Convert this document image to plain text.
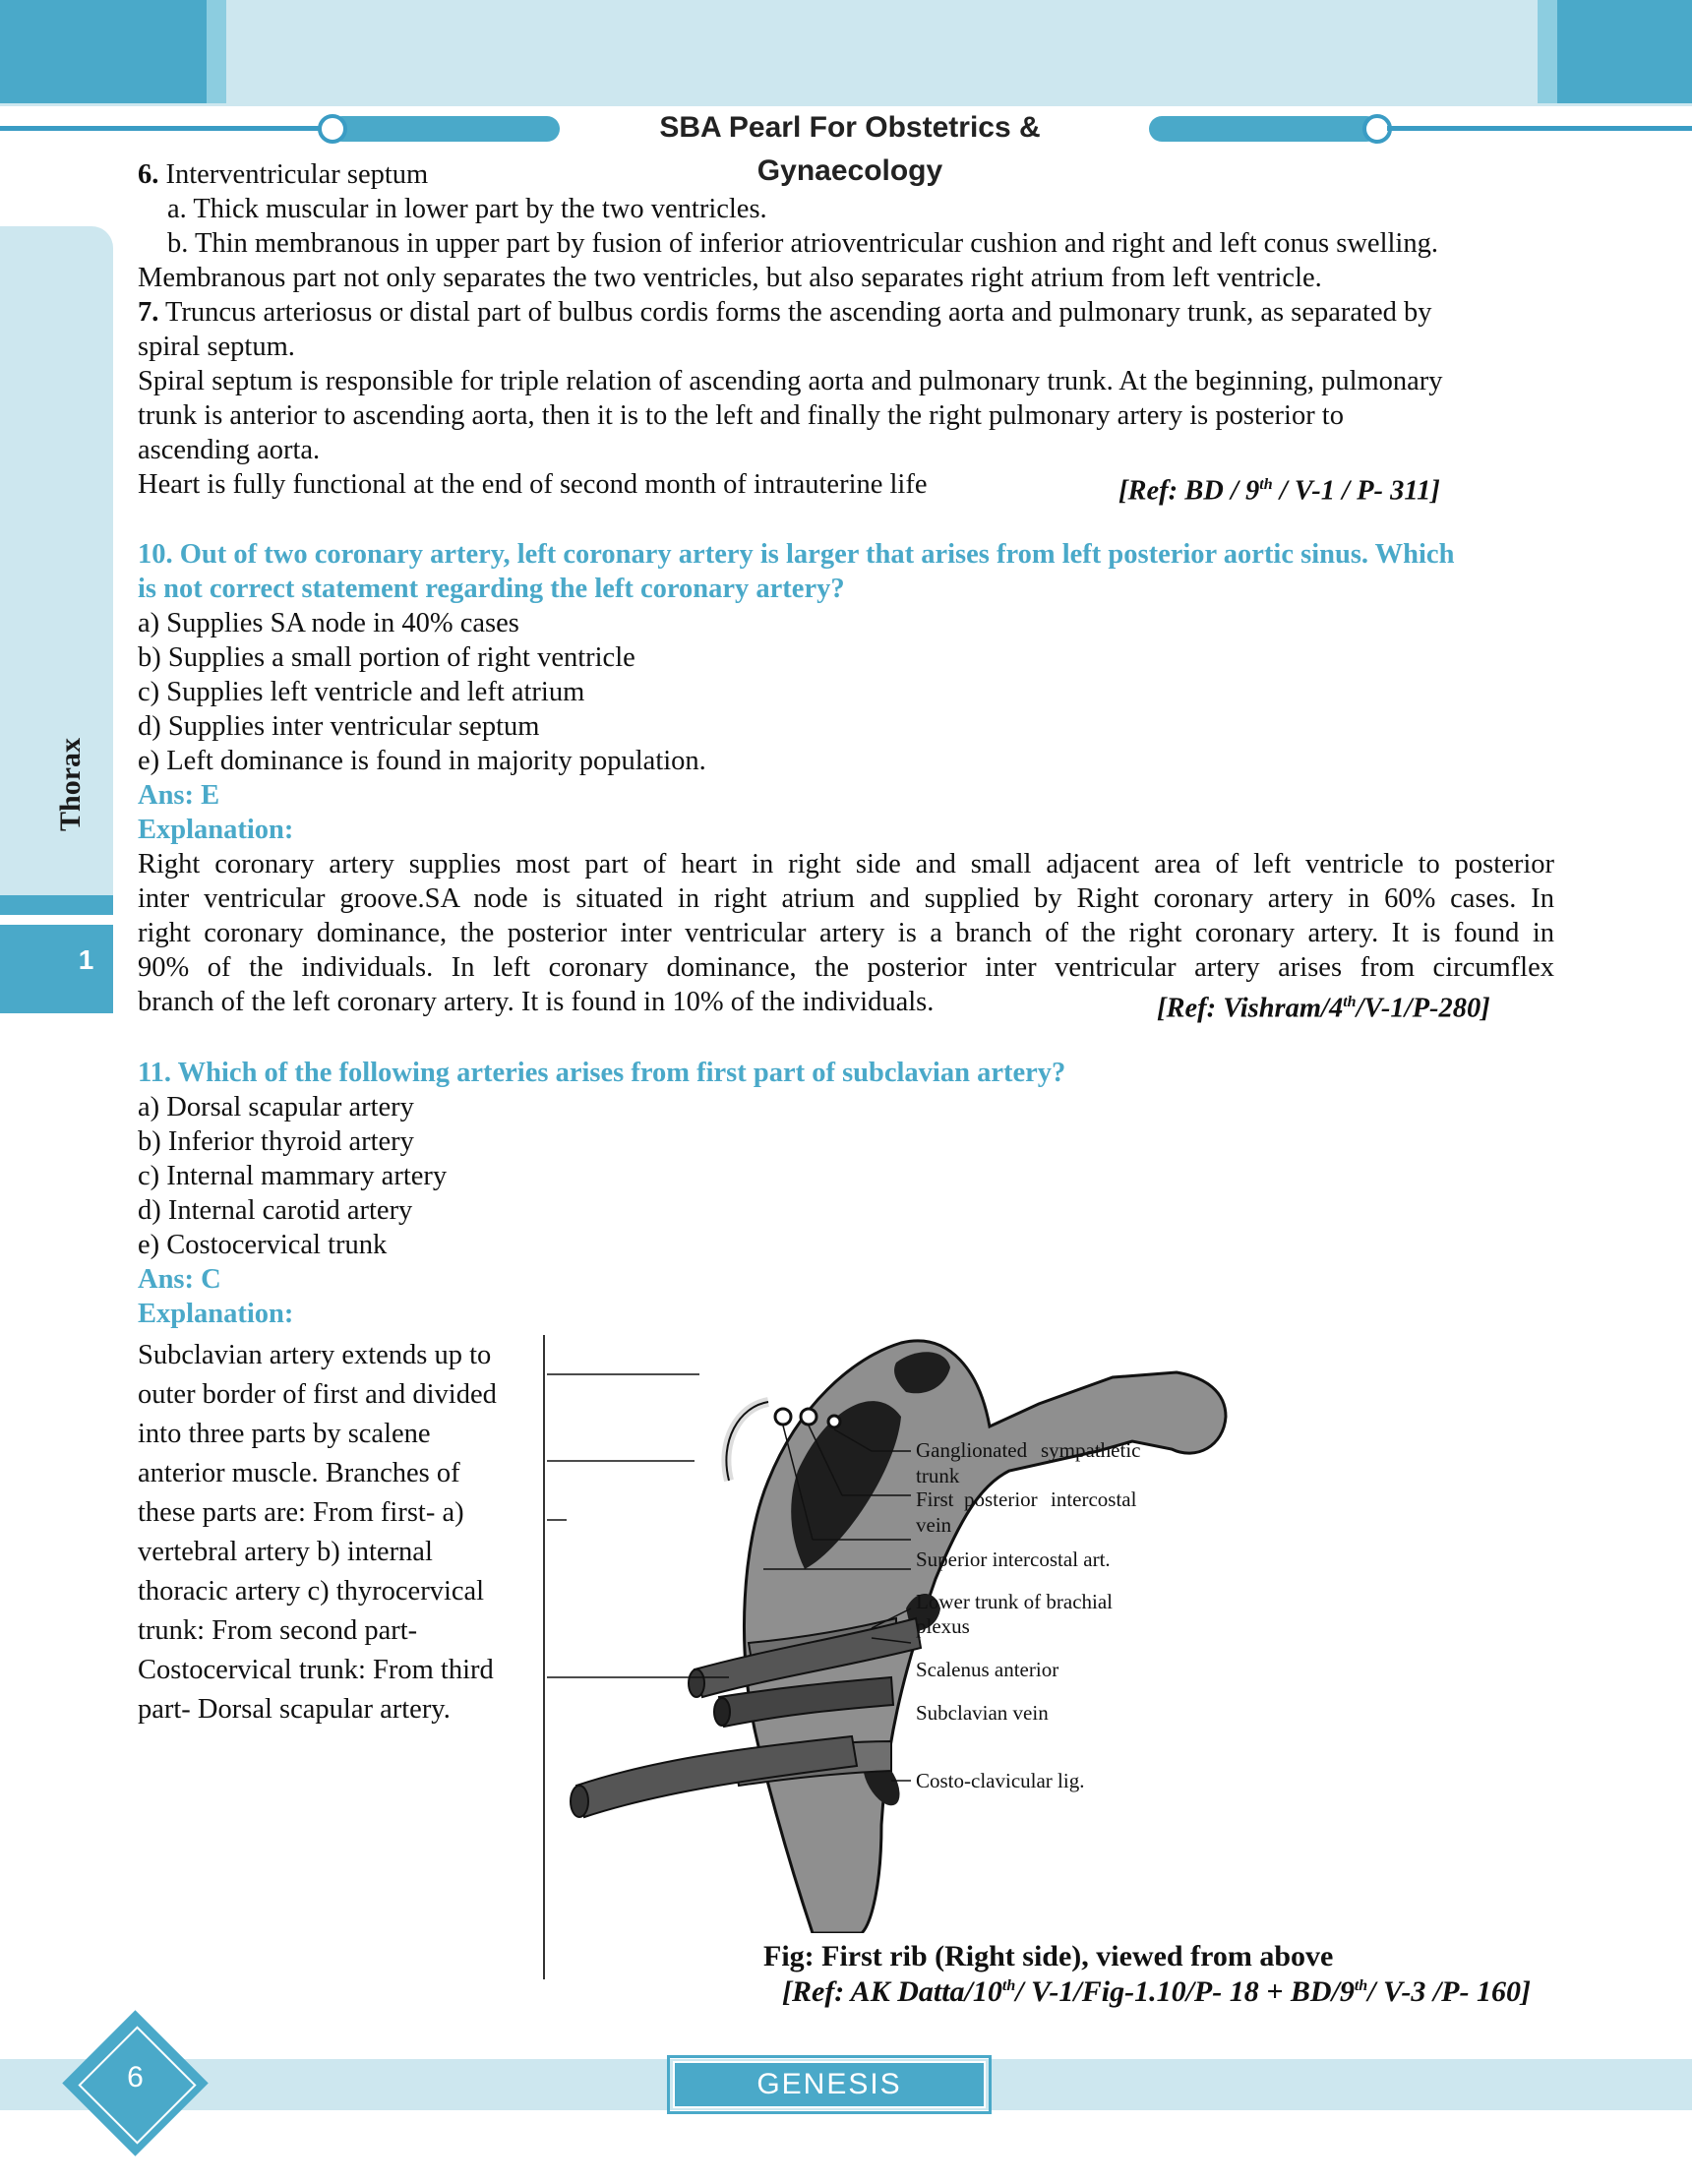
SBA Pearl For Obstetrics & Gynaecology
Thorax
1
6. Interventricular septum
a. Thick muscular in lower part by the two ventricles.
b. Thin membranous in upper part by fusion of inferior atrioventricular cushion and right and left conus swelling.
Membranous part not only separates the two ventricles, but also separates right atrium from left ventricle.
7. Truncus arteriosus or distal part of bulbus cordis forms the ascending aorta and pulmonary trunk, as separated by
spiral septum.
Spiral septum is responsible for triple relation of ascending aorta and pulmonary trunk. At the beginning, pulmonary
trunk is anterior to ascending aorta, then it is to the left and finally the right pulmonary artery is posterior to
ascending aorta.
Heart is fully functional at the end of second month of intrauterine life	[Ref: BD / 9th / V-1 / P- 311]
10. Out of two coronary artery, left coronary artery is larger that arises from left posterior aortic sinus. Which
is not correct statement regarding the left coronary artery?
a) Supplies SA node in 40% cases
b) Supplies a small portion of right ventricle
c) Supplies left ventricle and left atrium
d) Supplies inter ventricular septum
e) Left dominance is found in majority population.
Ans: E
Explanation:
Right coronary artery supplies most part of heart in right side and small adjacent area of left ventricle to posterior
inter ventricular groove.SA node is situated in right atrium and supplied by Right coronary artery in 60% cases. In
right coronary dominance, the posterior inter ventricular artery is a branch of the right coronary artery. It is found in
90% of the individuals. In left coronary dominance, the posterior inter ventricular artery arises from circumflex
branch of the left coronary artery. It is found in 10% of the individuals.	[Ref: Vishram/4th/V-1/P-280]
11. Which of the following arteries arises from first part of subclavian artery?
a) Dorsal scapular artery
b) Inferior thyroid artery
c) Internal mammary artery
d) Internal carotid artery
e) Costocervical trunk
Ans: C
Explanation:
Subclavian artery extends up to
outer border of first and divided
into three parts by scalene
anterior muscle. Branches of
these parts are: From first- a)
vertebral artery b) internal
thoracic artery c) thyrocervical
trunk: From second part-
Costocervical trunk: From third
part- Dorsal scapular artery.
Ganglionated sympathetic
trunk
First posterior intercostal
vein
Superior intercostal art.
Lower trunk of brachial
plexus
Scalenus anterior
Subclavian vein
Costo-clavicular lig.
Fig: First rib (Right side), viewed from above
[Ref: AK Datta/10th/ V-1/Fig-1.10/P- 18 + BD/9th/ V-3 /P- 160]
6	GENESIS
